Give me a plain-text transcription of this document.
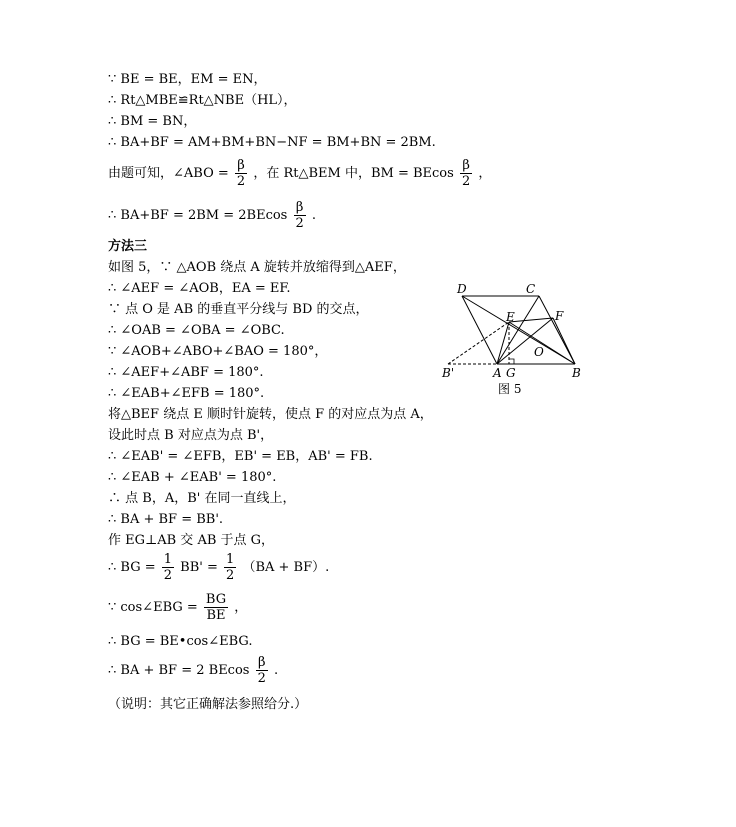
∵ BE = BE，EM = EN，
∴ Rt△MBE≌Rt△NBE（HL），
∴ BM = BN，
∴ BA+BF = AM+BM+BN−NF = BM+BN = 2BM.
由题可知，∠ABO = $\frac{\beta}{2}$ ，在 Rt△BEM 中，BM = BEcos $\frac{\beta}{2}$ ，
∴ $BA+BF = 2BM = 2BEcos \frac{\beta}{2}$ .
方法三
如图 5，∵ △AOB 绕点 A 旋转并放缩得到△AEF，
∴ ∠AEF = ∠AOB，EA = EF.
∵ 点 O 是 AB 的垂直平分线与 BD 的交点，
∴ ∠OAB = ∠OBA = ∠OBC.
∵ ∠AOB+∠ABO+∠BAO = 180°，
∴ ∠AEF+∠ABF = 180°.
∴ ∠EAB+∠EFB = 180°.
将△BEF 绕点 E 顺时针旋转，使点 F 的对应点为点 A，
设此时点 B 对应点为点 B'，
∴ ∠EAB' = ∠EFB，EB' = EB，AB' = FB.
∴ ∠EAB + ∠EAB' = 180°.
∴ 点 B，A，B' 在同一直线上，
∴ BA + BF = BB'.
作 EG⊥AB 交 AB 于点 G，
∴ BG = $\frac{1}{2} BB' = \frac{1}{2} (BA + BF)$.
∵ cos∠EBG = $\frac{BG}{BE}$ ，
∴ BG = BE•cos∠EBG.
∴ BA + BF = 2 BEcos $\frac{\beta}{2}$ .
（说明：其它正确解法参照给分.）
D	C
E	F
O
B'	A G	B
图 5
